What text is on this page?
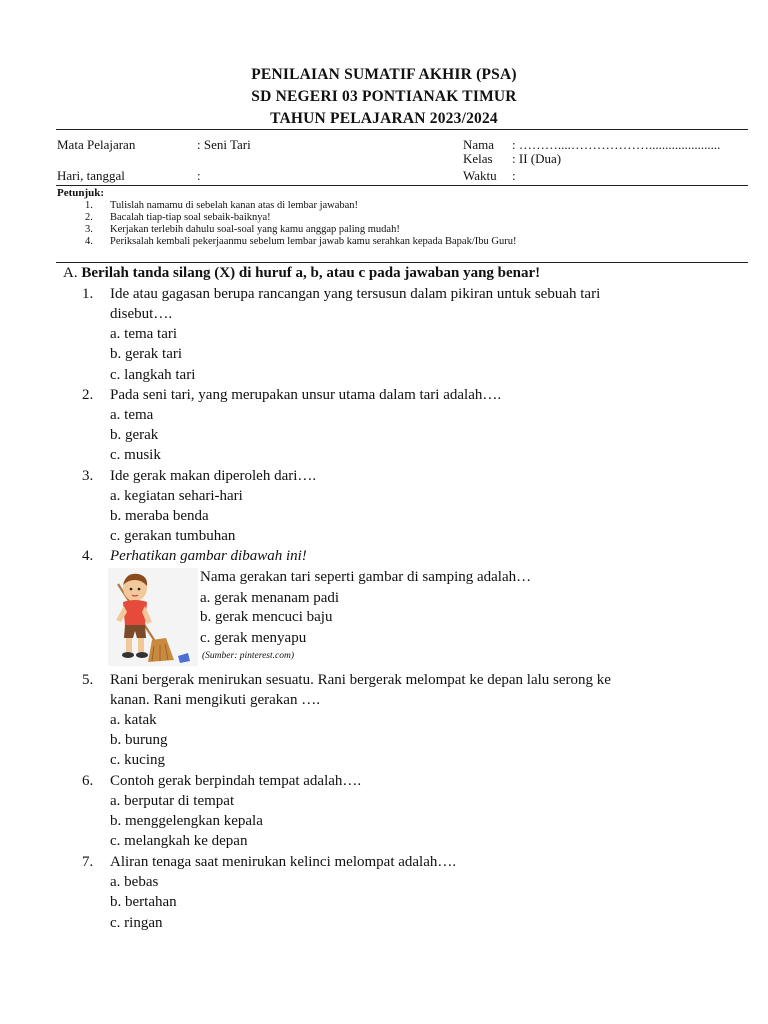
PENILAIAN SUMATIF AKHIR (PSA)
SD NEGERI 03 PONTIANAK TIMUR
TAHUN PELAJARAN 2023/2024
Mata Pelajaran	: Seni Tari
Hari, tanggal	:
Nama : ………....………………......................
Kelas : II (Dua)
Waktu :
Petunjuk:
1. Tulislah namamu di sebelah kanan atas di lembar jawaban!
2. Bacalah tiap-tiap soal sebaik-baiknya!
3. Kerjakan terlebih dahulu soal-soal yang kamu anggap paling mudah!
4. Periksalah kembali pekerjaanmu sebelum lembar jawab kamu serahkan kepada Bapak/Ibu Guru!
A. Berilah tanda silang (X) di huruf a, b, atau c pada jawaban yang benar!
1. Ide atau gagasan berupa rancangan yang tersusun dalam pikiran untuk sebuah tari
disebut….
a. tema tari
b. gerak tari
c. langkah tari
2. Pada seni tari, yang merupakan unsur utama dalam tari adalah….
a. tema
b. gerak
c. musik
3. Ide gerak makan diperoleh dari….
a. kegiatan sehari-hari
b. meraba benda
c. gerakan tumbuhan
4. Perhatikan gambar dibawah ini!
Nama gerakan tari seperti gambar di samping adalah…
a. gerak menanam padi
b. gerak mencuci baju
c. gerak menyapu
(Sumber: pinterest.com)
5. Rani bergerak menirukan sesuatu. Rani bergerak melompat ke depan lalu serong ke
kanan. Rani mengikuti gerakan ….
a. katak
b. burung
c. kucing
6. Contoh gerak berpindah tempat adalah….
a. berputar di tempat
b. menggelengkan kepala
c. melangkah ke depan
7. Aliran tenaga saat menirukan kelinci melompat adalah….
a. bebas
b. bertahan
c. ringan
